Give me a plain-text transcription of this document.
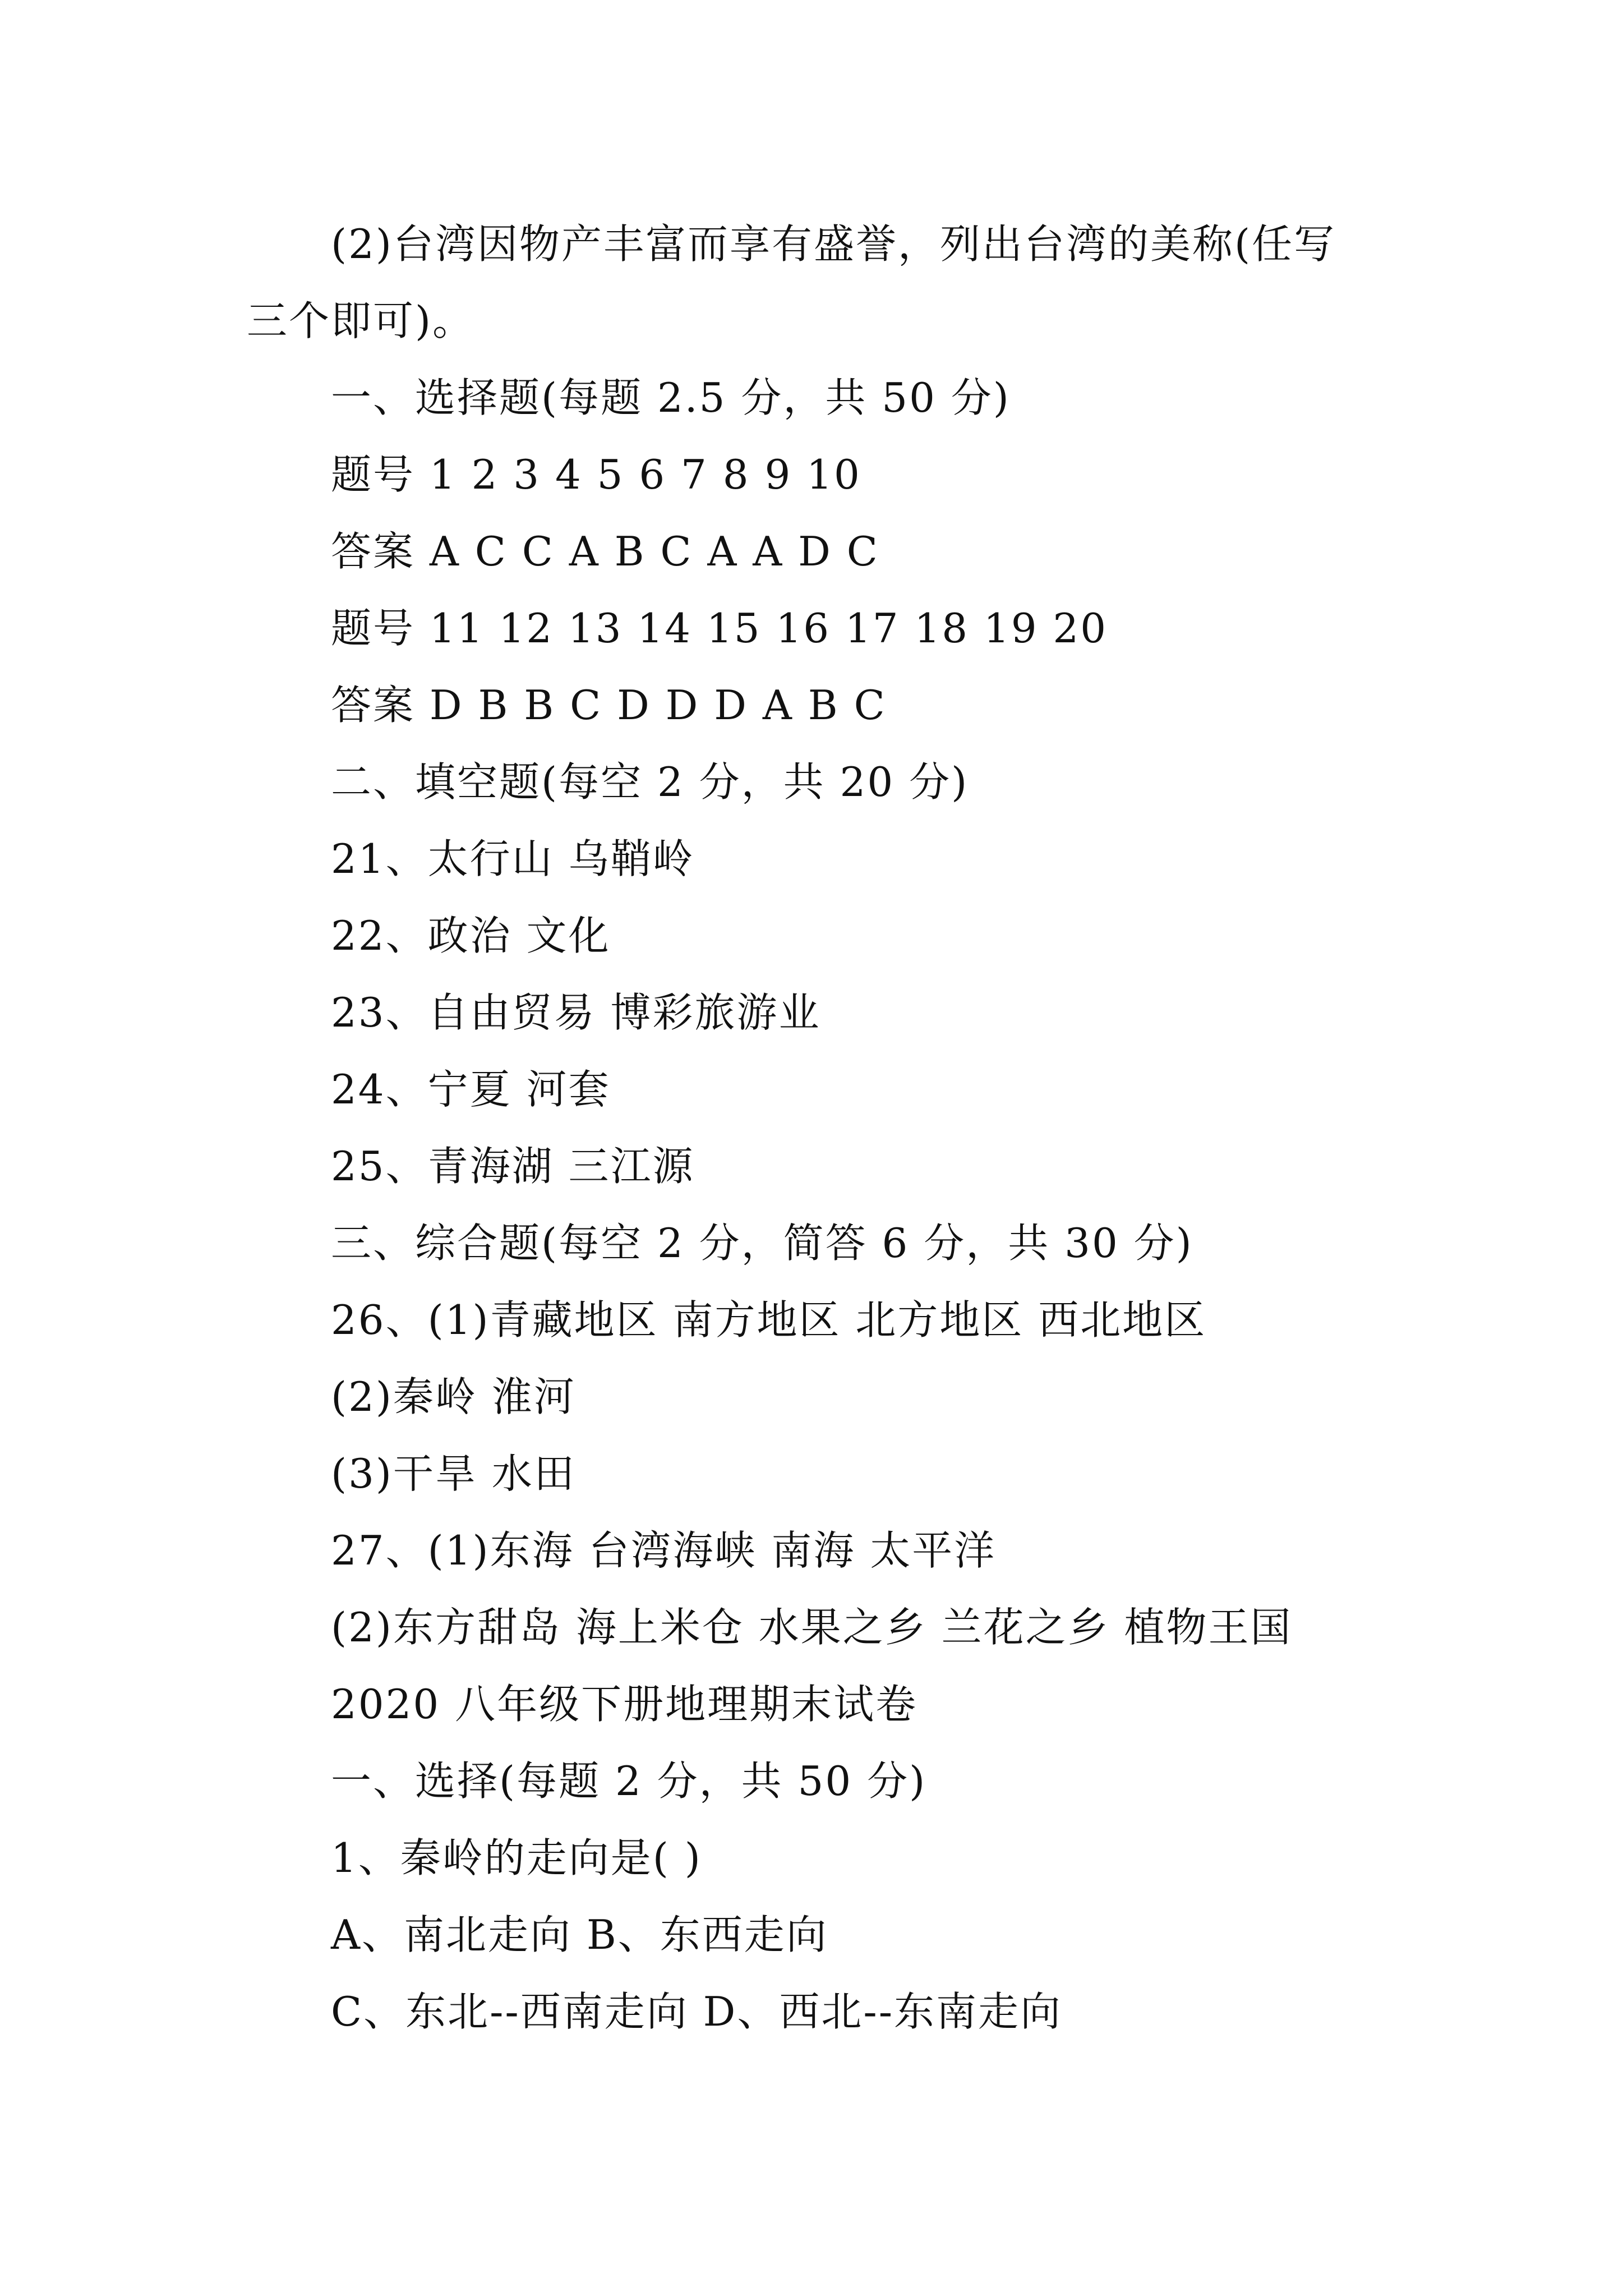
(2)台湾因物产丰富而享有盛誉，列出台湾的美称(任写

三个即可)。

一、选择题(每题 2.5 分，共 50 分)

题号 1 2 3 4 5 6 7 8 9 10

答案 A C C A B C A A D C

题号 11 12 13 14 15 16 17 18 19 20

答案 D B B C D D D A B C

二、填空题(每空 2 分，共 20 分)

21、太行山 乌鞘岭

22、政治 文化

23、自由贸易 博彩旅游业

24、宁夏 河套

25、青海湖 三江源

三、综合题(每空 2 分，简答 6 分，共 30 分)

26、(1)青藏地区 南方地区 北方地区 西北地区

(2)秦岭 淮河

(3)干旱 水田

27、(1)东海 台湾海峡 南海 太平洋

(2)东方甜岛 海上米仓 水果之乡 兰花之乡 植物王国

2020 八年级下册地理期末试卷

一、选择(每题 2 分，共 50 分)

1、秦岭的走向是( )

A、南北走向 B、东西走向

C、东北--西南走向 D、西北--东南走向
